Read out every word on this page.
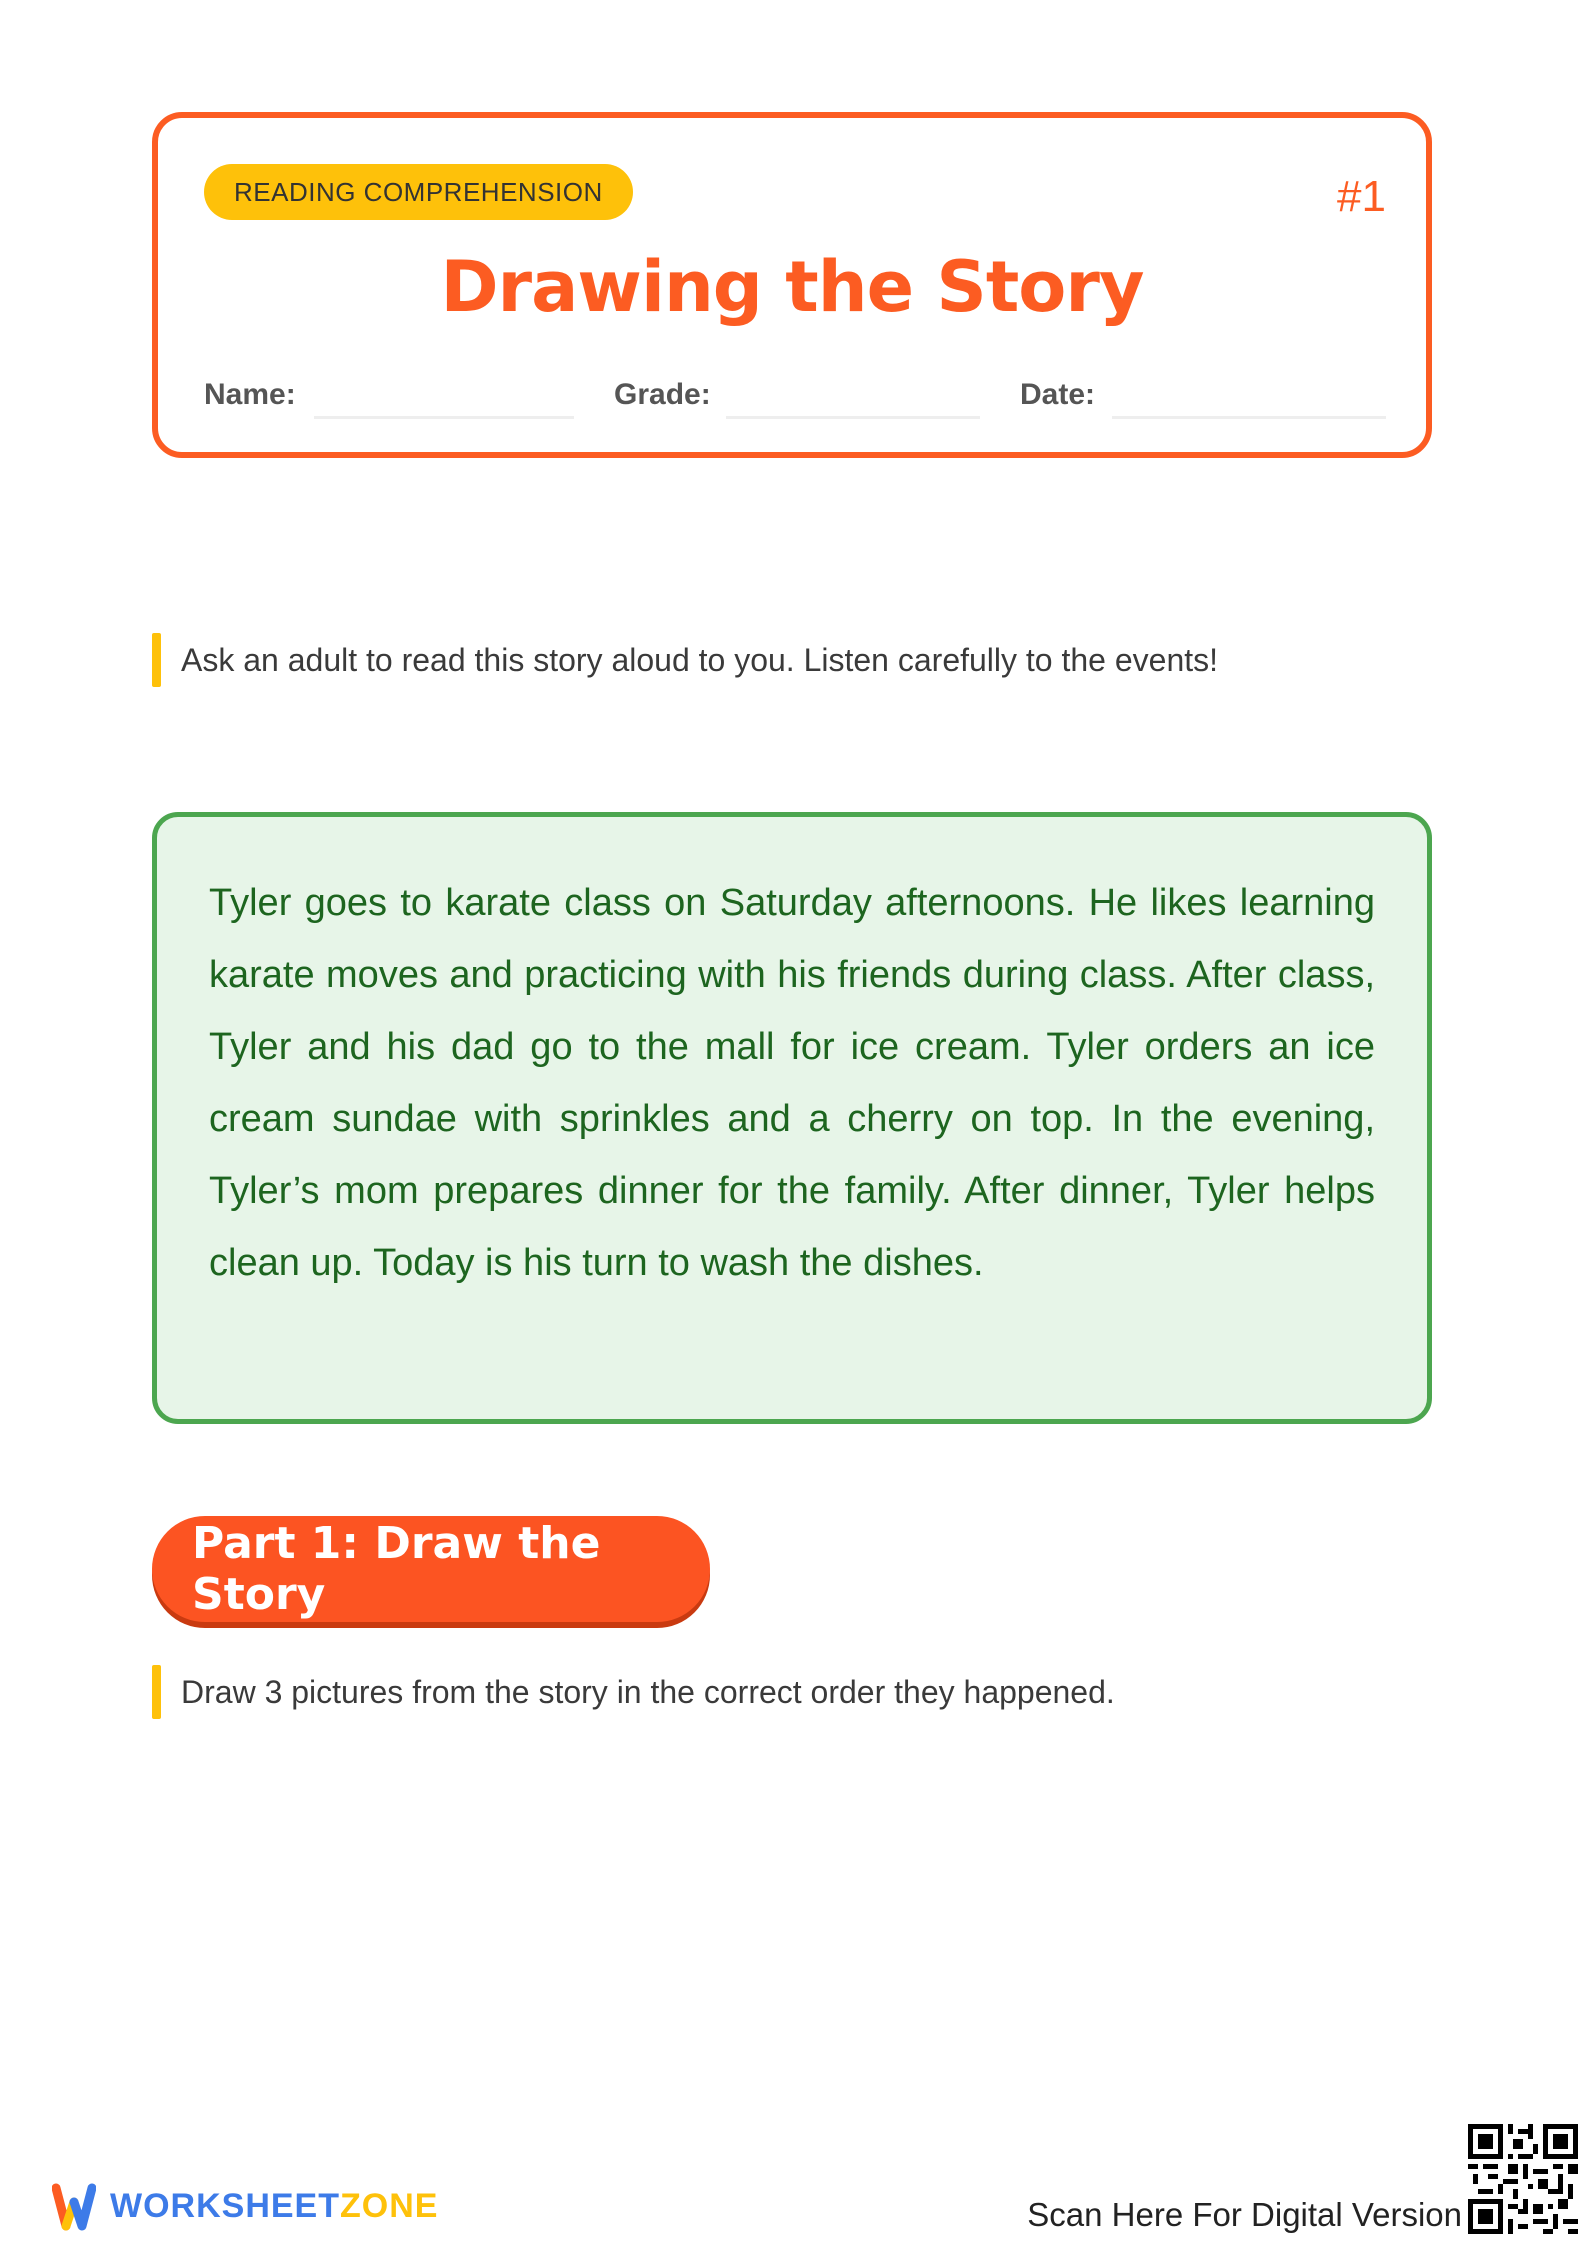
READING COMPREHENSION	#1
Drawing the Story
Name:	Grade:	Date:
Ask an adult to read this story aloud to you. Listen carefully to the events!
Tyler goes to karate class on Saturday afternoons. He likes learning karate moves and practicing with his friends during class. After class, Tyler and his dad go to the mall for ice cream. Tyler orders an ice cream sundae with sprinkles and a cherry on top. In the evening, Tyler’s mom prepares dinner for the family. After dinner, Tyler helps clean up. Today is his turn to wash the dishes.
Part 1: Draw the Story
Draw 3 pictures from the story in the correct order they happened.
WORKSHEETZONE	Scan Here For Digital Version
